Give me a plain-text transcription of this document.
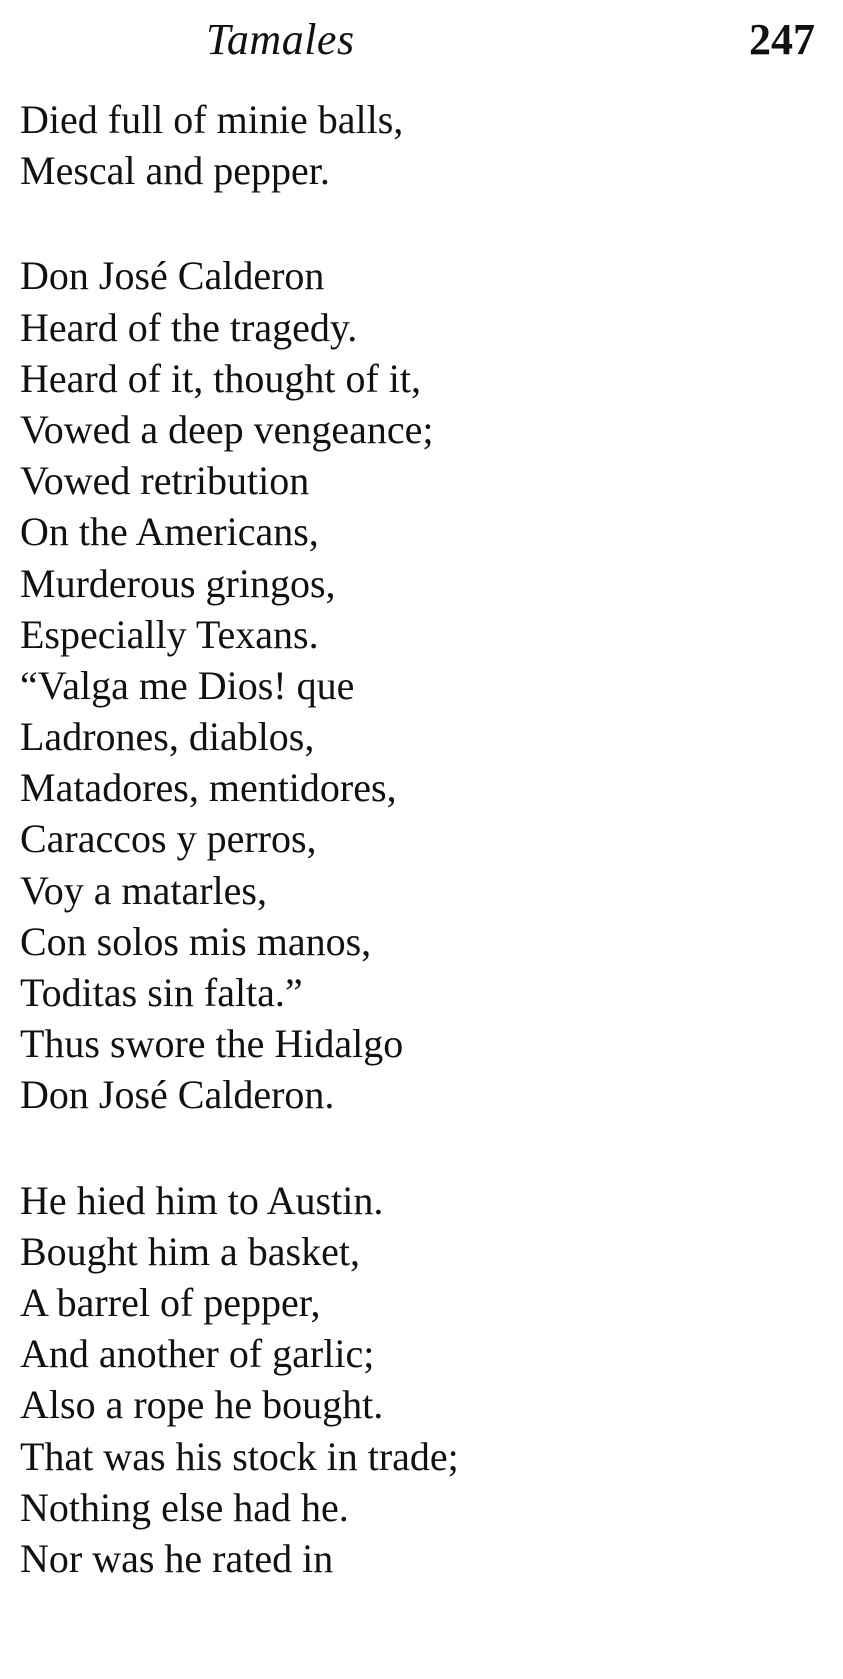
Tamales	247
Died full of minie balls,
Mescal and pepper.
Don José Calderon
Heard of the tragedy.
Heard of it, thought of it,
Vowed a deep vengeance;
Vowed retribution
On the Americans,
Murderous gringos,
Especially Texans.
“Valga me Dios! que
Ladrones, diablos,
Matadores, mentidores,
Caraccos y perros,
Voy a matarles,
Con solos mis manos,
Toditas sin falta.”
Thus swore the Hidalgo
Don José Calderon.
He hied him to Austin.
Bought him a basket,
A barrel of pepper,
And another of garlic;
Also a rope he bought.
That was his stock in trade;
Nothing else had he.
Nor was he rated in
